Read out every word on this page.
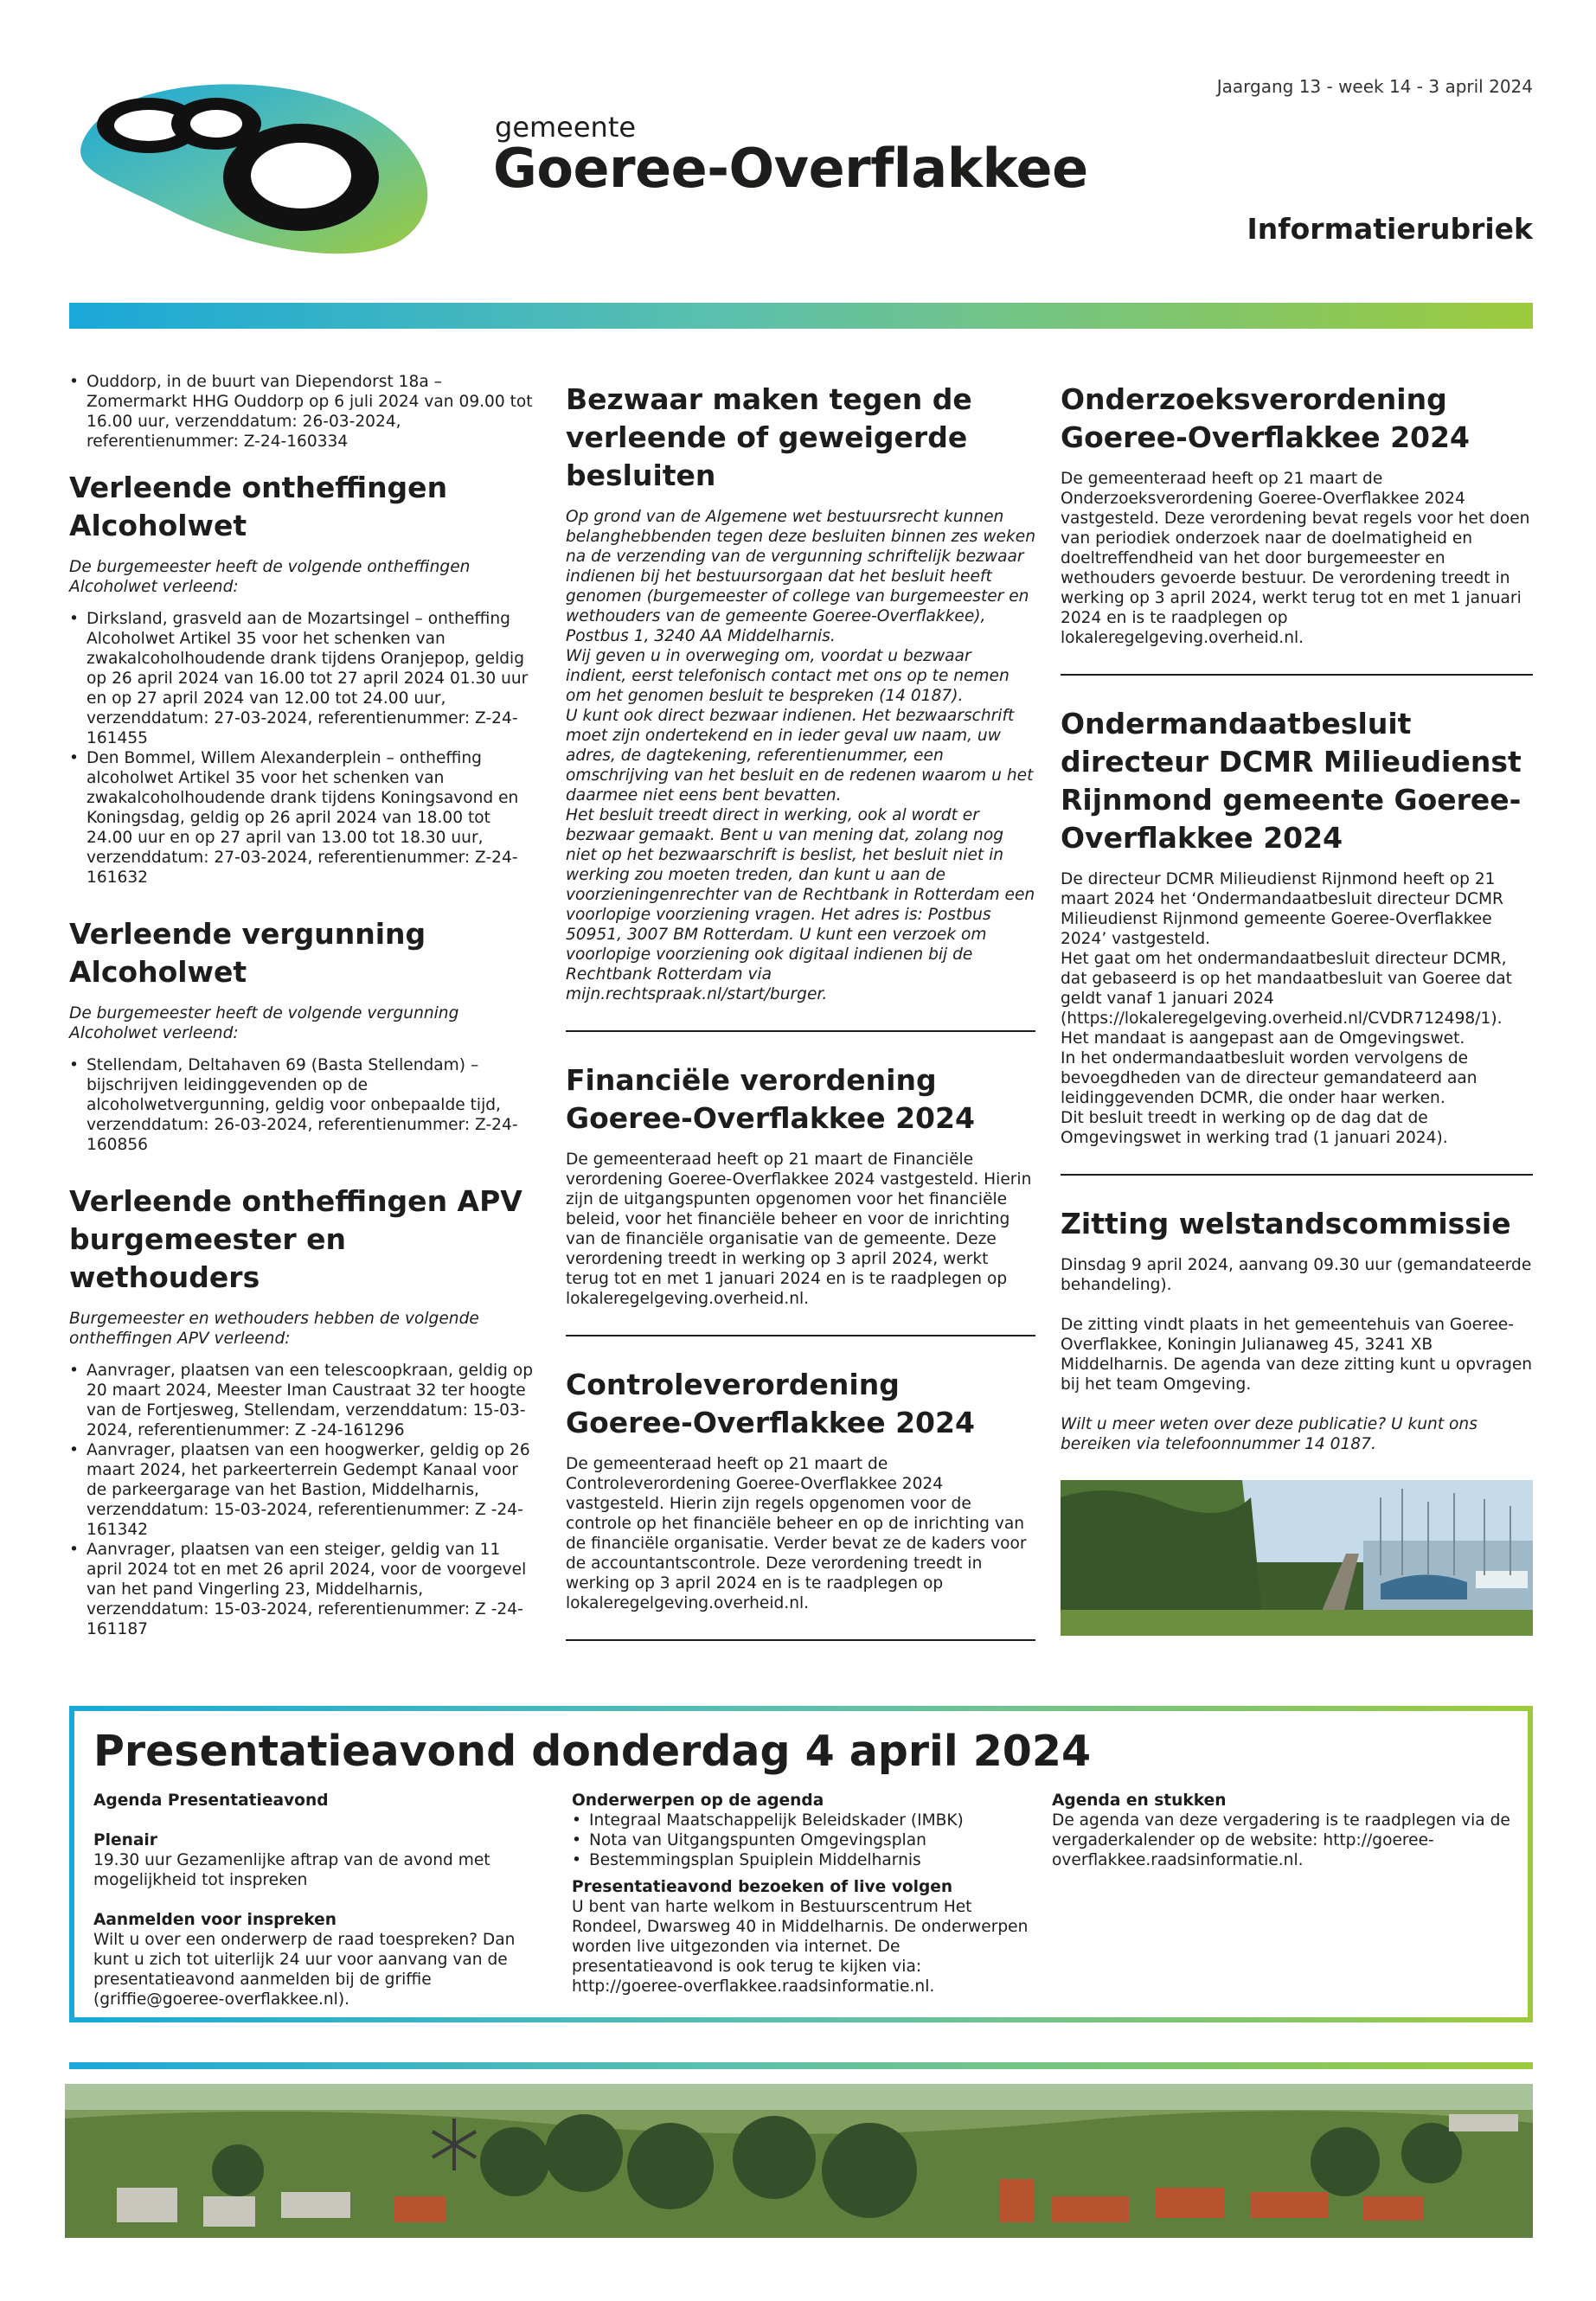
gemeente
Goeree-Overflakkee
Jaargang 13 - week 14 - 3 april 2024
Informatierubriek
• Ouddorp, in de buurt van Diependorst 18a – Zomermarkt HHG Ouddorp op 6 juli 2024 van 09.00 tot 16.00 uur, verzenddatum: 26-03-2024, referentienummer: Z-24-160334
Verleende ontheffingen Alcoholwet

De burgemeester heeft de volgende ontheffingen Alcoholwet verleend:

• Dirksland, grasveld aan de Mozartsingel – ontheffing Alcoholwet Artikel 35 voor het schenken van zwakalcoholhoudende drank tijdens Oranjepop, geldig op 26 april 2024 van 16.00 tot 27 april 2024 01.30 uur en op 27 april 2024 van 12.00 tot 24.00 uur, verzenddatum: 27-03-2024, referentienummer: Z-24-161455
• Den Bommel, Willem Alexanderplein – ontheffing alcoholwet Artikel 35 voor het schenken van zwakalcoholhoudende drank tijdens Koningsavond en Koningsdag, geldig op 26 april 2024 van 18.00 tot 24.00 uur en op 27 april van 13.00 tot 18.30 uur, verzenddatum: 27-03-2024, referentienummer: Z-24-161632
Verleende vergunning Alcoholwet

De burgemeester heeft de volgende vergunning Alcoholwet verleend:

• Stellendam, Deltahaven 69 (Basta Stellendam) – bijschrijven leidinggevenden op de alcoholwetvergunning, geldig voor onbepaalde tijd, verzenddatum: 26-03-2024, referentienummer: Z-24-160856
Verleende ontheffingen APV burgemeester en wethouders

Burgemeester en wethouders hebben de volgende ontheffingen APV verleend:

• Aanvrager, plaatsen van een telescoopkraan, geldig op 20 maart 2024, Meester Iman Caustraat 32 ter hoogte van de Fortjesweg, Stellendam, verzenddatum: 15-03-2024, referentienummer: Z -24-161296
• Aanvrager, plaatsen van een hoogwerker, geldig op 26 maart 2024, het parkeerterrein Gedempt Kanaal voor de parkeergarage van het Bastion, Middelharnis, verzenddatum: 15-03-2024, referentienummer: Z -24-161342
• Aanvrager, plaatsen van een steiger, geldig van 11 april 2024 tot en met 26 april 2024, voor de voorgevel van het pand Vingerling 23, Middelharnis, verzenddatum: 15-03-2024, referentienummer: Z -24-161187
Bezwaar maken tegen de verleende of geweigerde besluiten

Op grond van de Algemene wet bestuursrecht kunnen belanghebbenden tegen deze besluiten binnen zes weken na de verzending van de vergunning schriftelijk bezwaar indienen bij het bestuursorgaan dat het besluit heeft genomen (burgemeester of college van burgemeester en wethouders van de gemeente Goeree-Overflakkee), Postbus 1, 3240 AA Middelharnis.

Wij geven u in overweging om, voordat u bezwaar indient, eerst telefonisch contact met ons op te nemen om het genomen besluit te bespreken (14 0187).

U kunt ook direct bezwaar indienen. Het bezwaarschrift moet zijn ondertekend en in ieder geval uw naam, uw adres, de dagtekening, referentienummer, een omschrijving van het besluit en de redenen waarom u het daarmee niet eens bent bevatten.

Het besluit treedt direct in werking, ook al wordt er bezwaar gemaakt. Bent u van mening dat, zolang nog niet op het bezwaarschrift is beslist, het besluit niet in werking zou moeten treden, dan kunt u aan de voorzieningenrechter van de Rechtbank in Rotterdam een voorlopige voorziening vragen. Het adres is: Postbus 50951, 3007 BM Rotterdam. U kunt een verzoek om voorlopige voorziening ook digitaal indienen bij de Rechtbank Rotterdam via mijn.rechtspraak.nl/start/burger.

Financiële verordening Goeree-Overflakkee 2024

De gemeenteraad heeft op 21 maart de Financiële verordening Goeree-Overflakkee 2024 vastgesteld. Hierin zijn de uitgangspunten opgenomen voor het financiële beleid, voor het financiële beheer en voor de inrichting van de financiële organisatie van de gemeente. Deze verordening treedt in werking op 3 april 2024, werkt terug tot en met 1 januari 2024 en is te raadplegen op lokaleregelgeving.overheid.nl.

Controleverordening Goeree-Overflakkee 2024

De gemeenteraad heeft op 21 maart de Controleverordening Goeree-Overflakkee 2024 vastgesteld. Hierin zijn regels opgenomen voor de controle op het financiële beheer en op de inrichting van de financiële organisatie. Verder bevat ze de kaders voor de accountantscontrole. Deze verordening treedt in werking op 3 april 2024 en is te raadplegen op lokaleregelgeving.overheid.nl.

Onderzoeksverordening Goeree-Overflakkee 2024

De gemeenteraad heeft op 21 maart de Onderzoeksverordening Goeree-Overflakkee 2024 vastgesteld. Deze verordening bevat regels voor het doen van periodiek onderzoek naar de doelmatigheid en doeltreffendheid van het door burgemeester en wethouders gevoerde bestuur. De verordening treedt in werking op 3 april 2024, werkt terug tot en met 1 januari 2024 en is te raadplegen op lokaleregelgeving.overheid.nl.

Ondermandaatbesluit directeur DCMR Milieudienst Rijnmond gemeente Goeree-Overflakkee 2024

De directeur DCMR Milieudienst Rijnmond heeft op 21 maart 2024 het ‘Ondermandaatbesluit directeur DCMR Milieudienst Rijnmond gemeente Goeree-Overflakkee 2024’ vastgesteld.

Het gaat om het ondermandaatbesluit directeur DCMR, dat gebaseerd is op het mandaatbesluit van Goeree dat geldt vanaf 1 januari 2024 (https://lokaleregelgeving.overheid.nl/CVDR712498/1). Het mandaat is aangepast aan de Omgevingswet.

In het ondermandaatbesluit worden vervolgens de bevoegdheden van de directeur gemandateerd aan leidinggevenden DCMR, die onder haar werken.

Dit besluit treedt in werking op de dag dat de Omgevingswet in werking trad (1 januari 2024).

Zitting welstandscommissie

Dinsdag 9 april 2024, aanvang 09.30 uur (gemandateerde behandeling).

De zitting vindt plaats in het gemeentehuis van Goeree-Overflakkee, Koningin Julianaweg 45, 3241 XB Middelharnis. De agenda van deze zitting kunt u opvragen bij het team Omgeving.

Wilt u meer weten over deze publicatie? U kunt ons bereiken via telefoonnummer 14 0187.

Presentatieavond donderdag 4 april 2024

Agenda Presentatieavond

Plenair

19.30 uur Gezamenlijke aftrap van de avond met mogelijkheid tot inspreken

Aanmelden voor inspreken

Wilt u over een onderwerp de raad toespreken? Dan kunt u zich tot uiterlijk 24 uur voor aanvang van de presentatieavond aanmelden bij de griffie (griffie@goeree-overflakkee.nl).

Onderwerpen op de agenda

• Integraal Maatschappelijk Beleidskader (IMBK)
• Nota van Uitgangspunten Omgevingsplan
• Bestemmingsplan Spuiplein Middelharnis

Presentatieavond bezoeken of live volgen

U bent van harte welkom in Bestuurscentrum Het Rondeel, Dwarsweg 40 in Middelharnis. De onderwerpen worden live uitgezonden via internet. De presentatieavond is ook terug te kijken via: http://goeree-overflakkee.raadsinformatie.nl.

Agenda en stukken

De agenda van deze vergadering is te raadplegen via de vergaderkalender op de website: http://goeree-overflakkee.raadsinformatie.nl.
